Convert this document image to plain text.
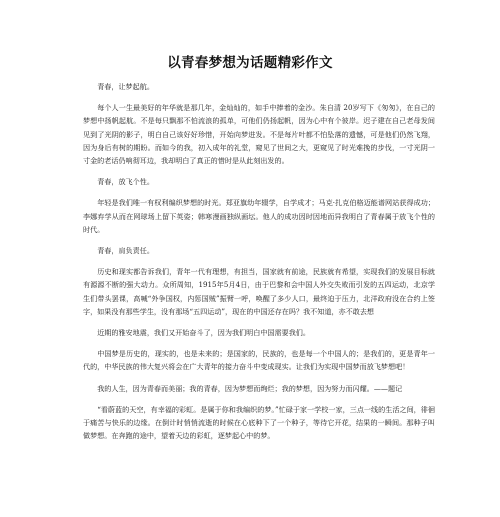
以青春梦想为话题精彩作文

青春，让梦起航。

每个人一生最美好的年华就是那几年，金灿灿的，如手中捧着的金沙。朱自清 20岁写下《匆匆》，在自己的梦想中扬帆起航。不是每只飘那不怕流浪的孤单，可他们仍扬起帆，因为心中有个彼岸。迟子建在自己老母发间见到了光阴的影子，明白自己该好好珍惜，开始向梦进发。不是每片叶都不怕坠落的遗憾，可是他们仍然飞翔，因为身后有树的期盼。而如今的我，初入成年的礼堂，窥见了世间之大，更窥见了时光难挽的步伐，一寸光阴一寸金的老话仍响彻耳边，我却明白了真正的惜时是从此刻出发的。

青春，放飞个性。

年轻是我们唯一有权利编织梦想的时光。郑亚旗幼年辍学，自学成才；马克·扎克伯格迈能谱网站获得成功；李娜弃学从而在网球场上留下英姿；韩寒漫画独纵画坛。他人的成功因时因地而异我明白了青春属于放飞个性的时代。

青春，肩负责任。

历史和现实都告诉我们，青年一代有理想，有担当，国家就有前途，民族就有希望，实现我们的发展目标就有源源不断的强大动力。众所周知，1915年5月4日，由于巴黎和会中国人外交失败而引发的五四运动，北京学生们带头罢课，高喊“外争国权，内惩国贼”振臂一呼，唤醒了多少人口，最终迫于压力，北洋政府没在合约上签字，如果没有那些学生，没有那场“五四运动”，现在的中国还存在吗？我不知道，亦不敢去想

近期的雅安地震，我们又开始奋斗了，因为我们明白中国需要我们。

中国梦是历史的，现实的，也是未来的；是国家的，民族的，也是每一个中国人的；是我们的，更是青年一代的，中华民族的伟大复兴将会在广大青年的接力奋斗中变成现实。让我们为实现中国梦而放飞梦想吧！

我的人生，因为青春而美丽；我的青春，因为梦想而绚烂；我的梦想，因为努力而闪耀。——题记

“看蔚蓝的天空，有幸福的彩虹。是属于你和我编织的梦。”忙碌于家一学校一家，三点一线的生活之间，徘徊于痛苦与快乐的边缘。在倒计时悄悄流逝的时候在心底种下了一个种子，等待它开花，结果的一瞬间。那种子叫做梦想。在奔跑的途中，望着天边的彩虹，逐梦起心中的梦。
